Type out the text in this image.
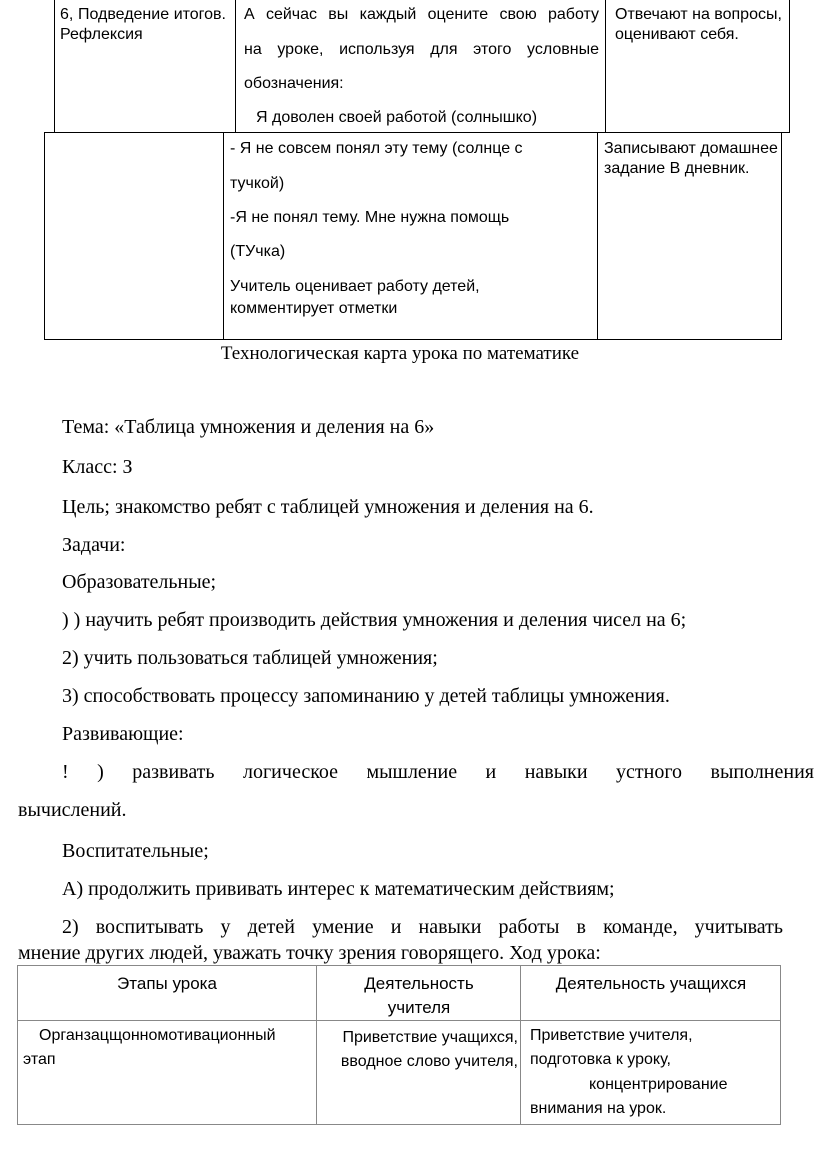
6, Подведение итогов. Рефлексия
А сейчас вы каждый оцените свою работу
на уроке, используя для этого условные
обозначения:
Я доволен своей работой (солнышко)
Отвечают на вопросы, оценивают себя.
- Я не совсем понял эту тему (солнце с
тучкой)
-Я не понял тему. Мне нужна помощь
(ТУчка)
Учитель оценивает работу детей,
комментирует отметки
Записывают домашнее задание В дневник.
Технологическая карта урока по математике
Тема: «Таблица умножения и деления на 6»
Класс: З
Цель; знакомство ребят с таблицей умножения и деления на 6.
Задачи:
Образовательные;
) ) научить ребят производить действия умножения и деления чисел на 6;
2) учить пользоваться таблицей умножения;
3) способствовать процессу запоминанию у детей таблицы умножения.
Развивающие:
! ) развивать логическое мышление и навыки устного выполнения
вычислений.
Воспитательные;
А) продолжить прививать интерес к математическим действиям;
2) воспитывать у детей умение и навыки работы в команде, учитывать
мнение других людей, уважать точку зрения говорящего. Ход урока:
Этапы урока	Деятельность учителя
Деятельность учащихся
Органзацщонномотивационный
этап
Приветствие учащихся, вводное слово учителя,
Приветствие учителя,
подготовка к уроку,
концентрирование
внимания на урок.
